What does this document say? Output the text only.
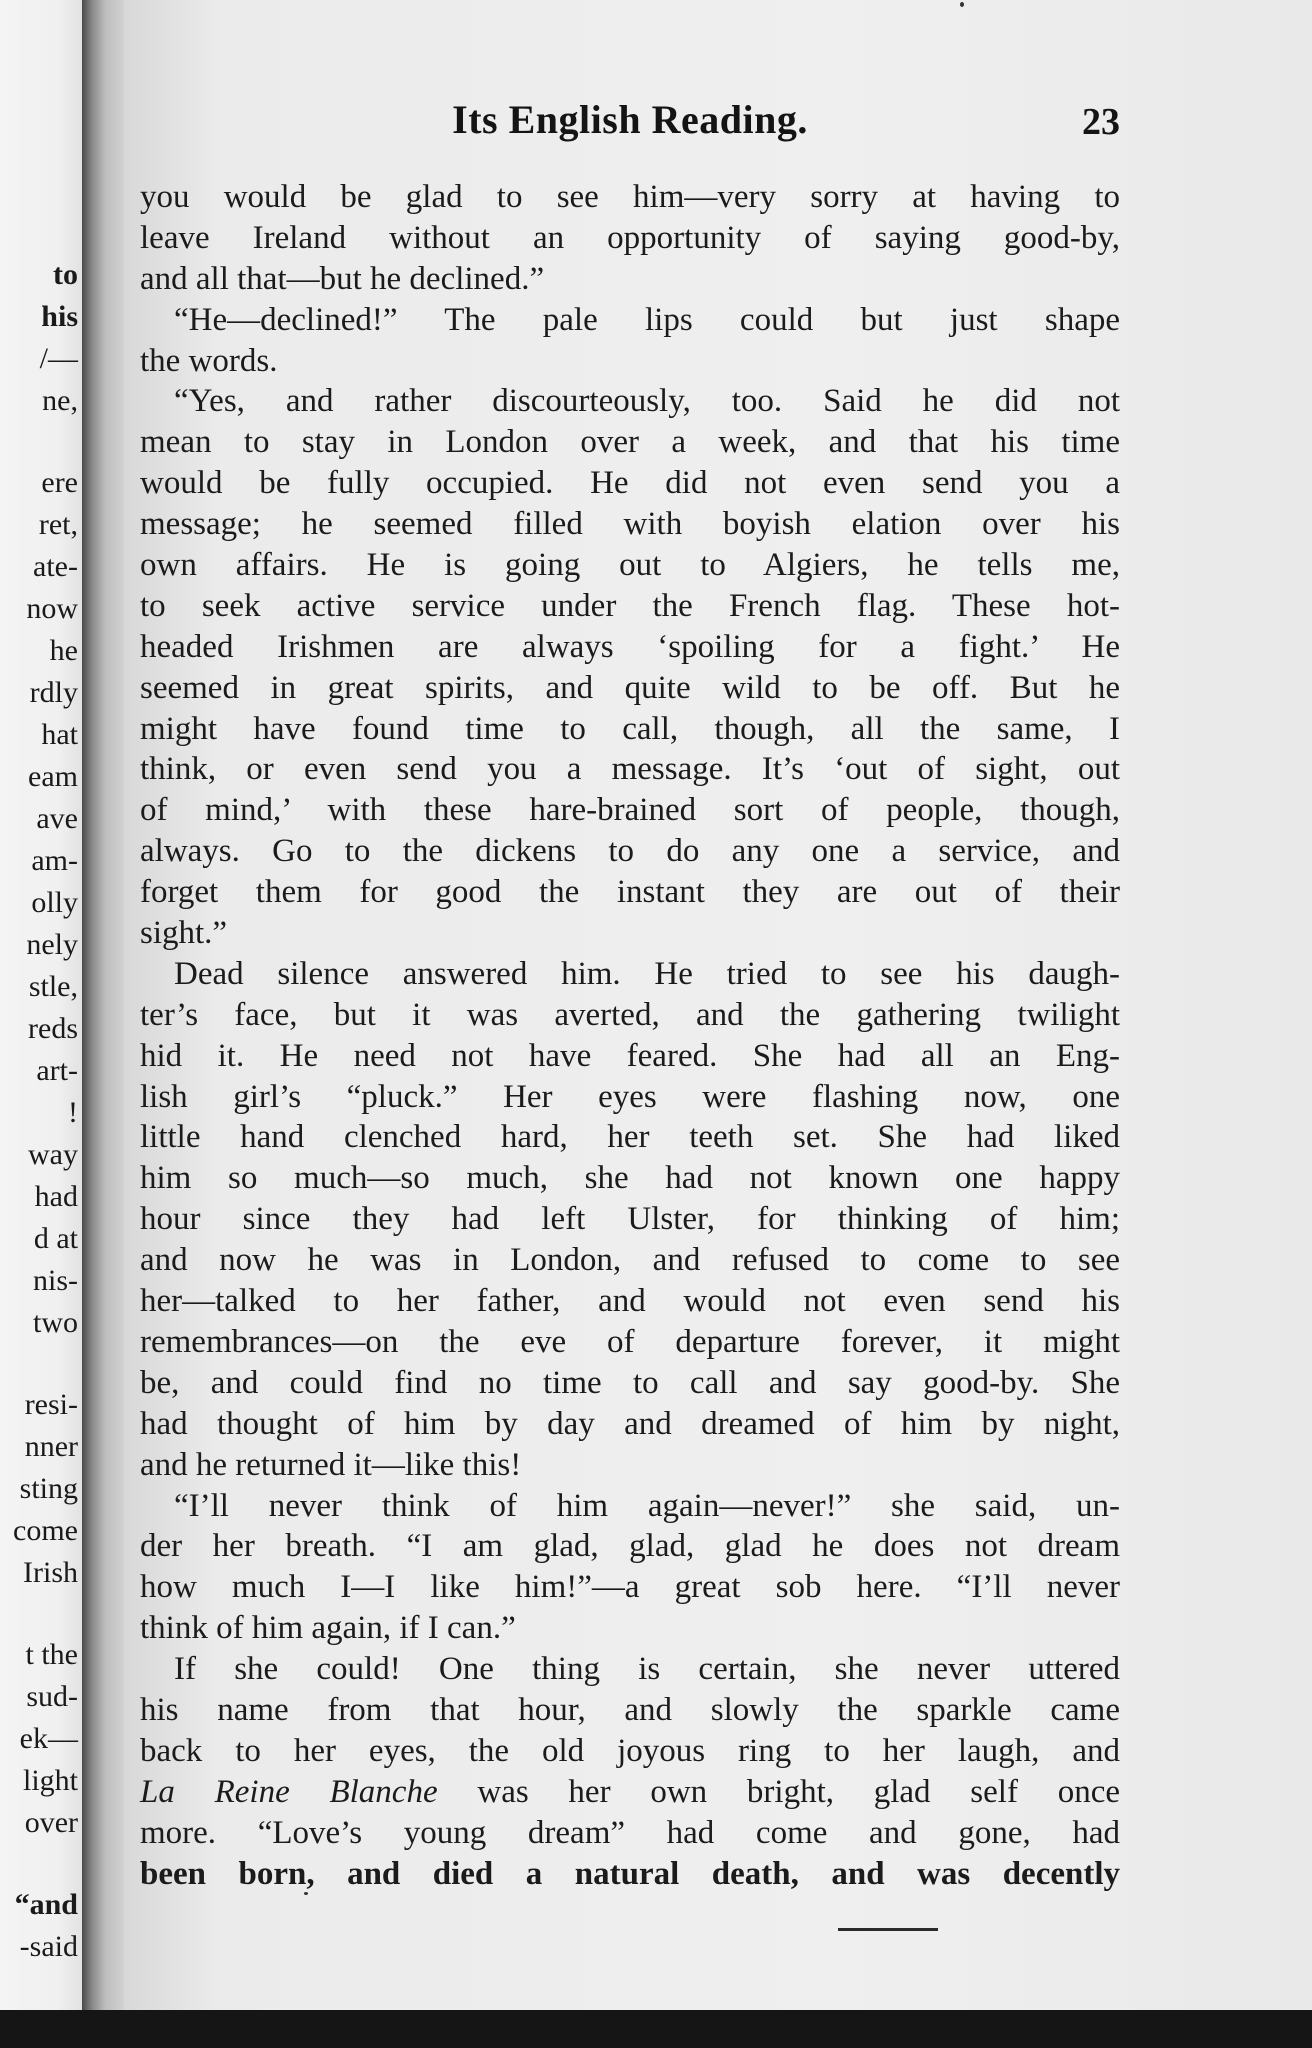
to
his
/—
ne,
ere
ret,
ate-
now
he
rdly
hat
eam
ave
am-
olly
nely
stle,
reds
art-
!
way
had
d at
nis-
two
resi-
nner
sting
come
Irish
t the
sud-
ek—
light
over
“and
-said
Its English Reading.	23
you would be glad to see him—very sorry at having to
leave Ireland without an opportunity of saying good-by,
and all that—but he declined.”
“He—declined!” The pale lips could but just shape
the words.
“Yes, and rather discourteously, too. Said he did not
mean to stay in London over a week, and that his time
would be fully occupied. He did not even send you a
message; he seemed filled with boyish elation over his
own affairs. He is going out to Algiers, he tells me,
to seek active service under the French flag. These hot-
headed Irishmen are always ‘spoiling for a fight.’ He
seemed in great spirits, and quite wild to be off. But he
might have found time to call, though, all the same, I
think, or even send you a message. It’s ‘out of sight, out
of mind,’ with these hare-brained sort of people, though,
always. Go to the dickens to do any one a service, and
forget them for good the instant they are out of their
sight.”
Dead silence answered him. He tried to see his daugh-
ter’s face, but it was averted, and the gathering twilight
hid it. He need not have feared. She had all an Eng-
lish girl’s “pluck.” Her eyes were flashing now, one
little hand clenched hard, her teeth set. She had liked
him so much—so much, she had not known one happy
hour since they had left Ulster, for thinking of him;
and now he was in London, and refused to come to see
her—talked to her father, and would not even send his
remembrances—on the eve of departure forever, it might
be, and could find no time to call and say good-by. She
had thought of him by day and dreamed of him by night,
and he returned it—like this!
“I’ll never think of him again—never!” she said, un-
der her breath. “I am glad, glad, glad he does not dream
how much I—I like him!”—a great sob here. “I’ll never
think of him again, if I can.”
If she could! One thing is certain, she never uttered
his name from that hour, and slowly the sparkle came
back to her eyes, the old joyous ring to her laugh, and
La Reine Blanche was her own bright, glad self once
more. “Love’s young dream” had come and gone, had
been born, and died a natural death, and was decently
